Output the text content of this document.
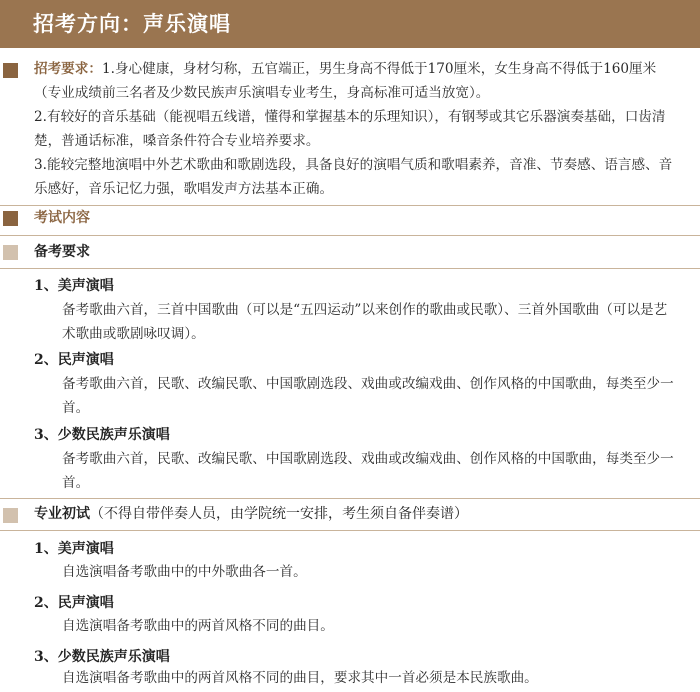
招考方向：声乐演唱
招考要求：1.身心健康，身材匀称，五官端正，男生身高不得低于170厘米，女生身高不得低于160厘米（专业成绩前三名者及少数民族声乐演唱专业考生，身高标准可适当放宽）。
2.有较好的音乐基础（能视唱五线谱，懂得和掌握基本的乐理知识），有钢琴或其它乐器演奏基础，口齿清楚，普通话标准，嗓音条件符合专业培养要求。
3.能较完整地演唱中外艺术歌曲和歌剧选段，具备良好的演唱气质和歌唱素养，音准、节奏感、语言感、音乐感好，音乐记忆力强，歌唱发声方法基本正确。
考试内容
备考要求
1、美声演唱
备考歌曲六首，三首中国歌曲（可以是“五四运动”以来创作的歌曲或民歌）、三首外国歌曲（可以是艺术歌曲或歌剧咏叹调）。
2、民声演唱
备考歌曲六首，民歌、改编民歌、中国歌剧选段、戏曲或改编戏曲、创作风格的中国歌曲，每类至少一首。
3、少数民族声乐演唱
备考歌曲六首，民歌、改编民歌、中国歌剧选段、戏曲或改编戏曲、创作风格的中国歌曲，每类至少一首。
专业初试（不得自带伴奏人员，由学院统一安排，考生须自备伴奏谱）
1、美声演唱
自选演唱备考歌曲中的中外歌曲各一首。
2、民声演唱
自选演唱备考歌曲中的两首风格不同的曲目。
3、少数民族声乐演唱
自选演唱备考歌曲中的两首风格不同的曲目，要求其中一首必须是本民族歌曲。
